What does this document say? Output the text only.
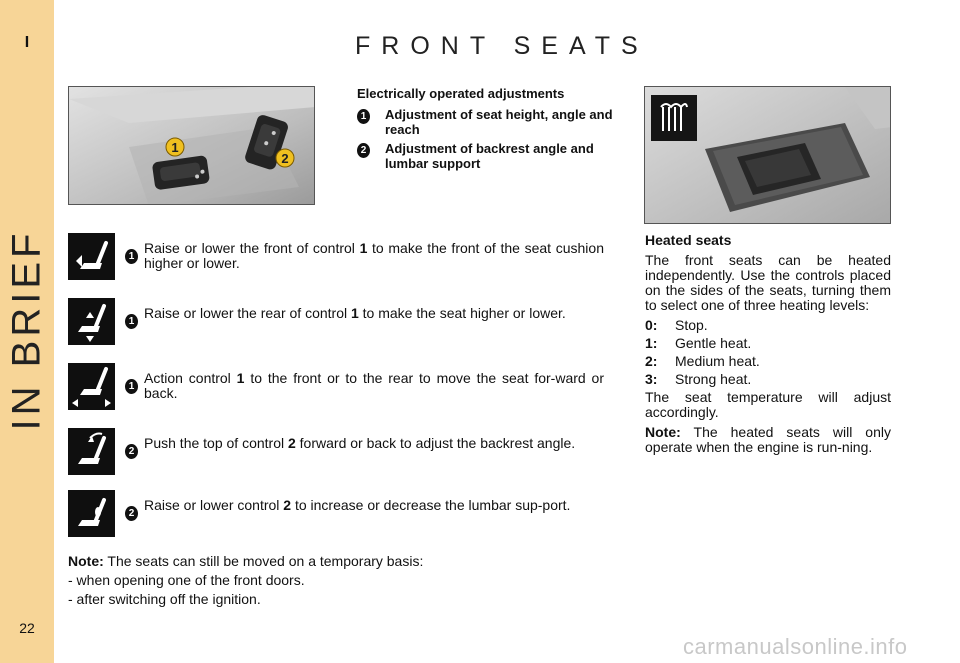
I
IN BRIEF
22
FRONT SEATS
1
2
Electrically operated adjustments
1	Adjustment of seat height, angle and reach
2	Adjustment of backrest angle and lumbar support
1
Raise or lower the front of control 1 to make the front of the seat cushion higher or lower.
1
Raise or lower the rear of control 1 to make the seat higher or lower.
1
Action control 1 to the front or to the rear to move the seat for-ward or back.
2
Push the top of control 2 forward or back to adjust the backrest angle.
2
Raise or lower control 2 to increase or decrease the lumbar sup-port.
Note: The seats can still be moved on a temporary basis:
- when opening one of the front doors.
- after switching off the ignition.
Heated seats
The front seats can be heated independently. Use the controls placed on the sides of the seats, turning them to select one of three heating levels:
0:	Stop.
1:	Gentle heat.
2:	Medium heat.
3:	Strong heat.
The seat temperature will adjust accordingly.
Note: The heated seats will only operate when the engine is run-ning.
carmanualsonline.info
